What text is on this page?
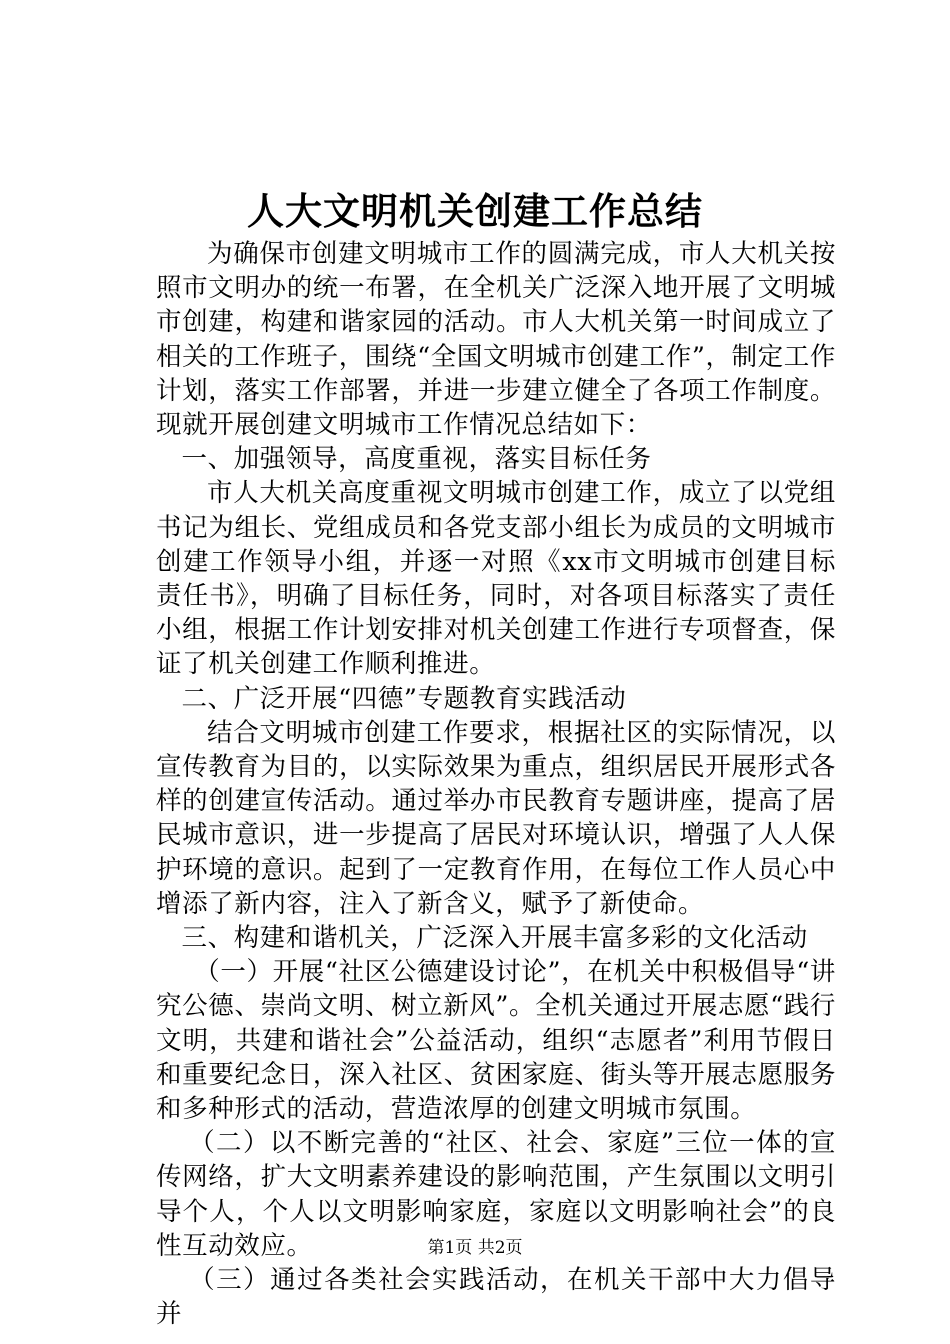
人大文明机关创建工作总结

为确保市创建文明城市工作的圆满完成，市人大机关按照市文明办的统一布署，在全机关广泛深入地开展了文明城市创建，构建和谐家园的活动。市人大机关第一时间成立了相关的工作班子，围绕“全国文明城市创建工作”，制定工作计划，落实工作部署，并进一步建立健全了各项工作制度。现就开展创建文明城市工作情况总结如下：

一、加强领导，高度重视，落实目标任务

市人大机关高度重视文明城市创建工作，成立了以党组书记为组长、党组成员和各党支部小组长为成员的文明城市创建工作领导小组，并逐一对照《xx市文明城市创建目标责任书》，明确了目标任务，同时，对各项目标落实了责任小组，根据工作计划安排对机关创建工作进行专项督查，保证了机关创建工作顺利推进。

二、广泛开展“四德”专题教育实践活动

结合文明城市创建工作要求，根据社区的实际情况，以宣传教育为目的，以实际效果为重点，组织居民开展形式各样的创建宣传活动。通过举办市民教育专题讲座，提高了居民城市意识，进一步提高了居民对环境认识，增强了人人保护环境的意识。起到了一定教育作用，在每位工作人员心中增添了新内容，注入了新含义，赋予了新使命。

三、构建和谐机关，广泛深入开展丰富多彩的文化活动

（一）开展“社区公德建设讨论”，在机关中积极倡导“讲究公德、崇尚文明、树立新风”。全机关通过开展志愿“践行文明，共建和谐社会”公益活动，组织“志愿者”利用节假日和重要纪念日，深入社区、贫困家庭、街头等开展志愿服务和多种形式的活动，营造浓厚的创建文明城市氛围。

（二）以不断完善的“社区、社会、家庭”三位一体的宣传网络，扩大文明素养建设的影响范围，产生氛围以文明引导个人，个人以文明影响家庭，家庭以文明影响社会”的良性互动效应。

（三）通过各类社会实践活动，在机关干部中大力倡导并

第1页 共2页
